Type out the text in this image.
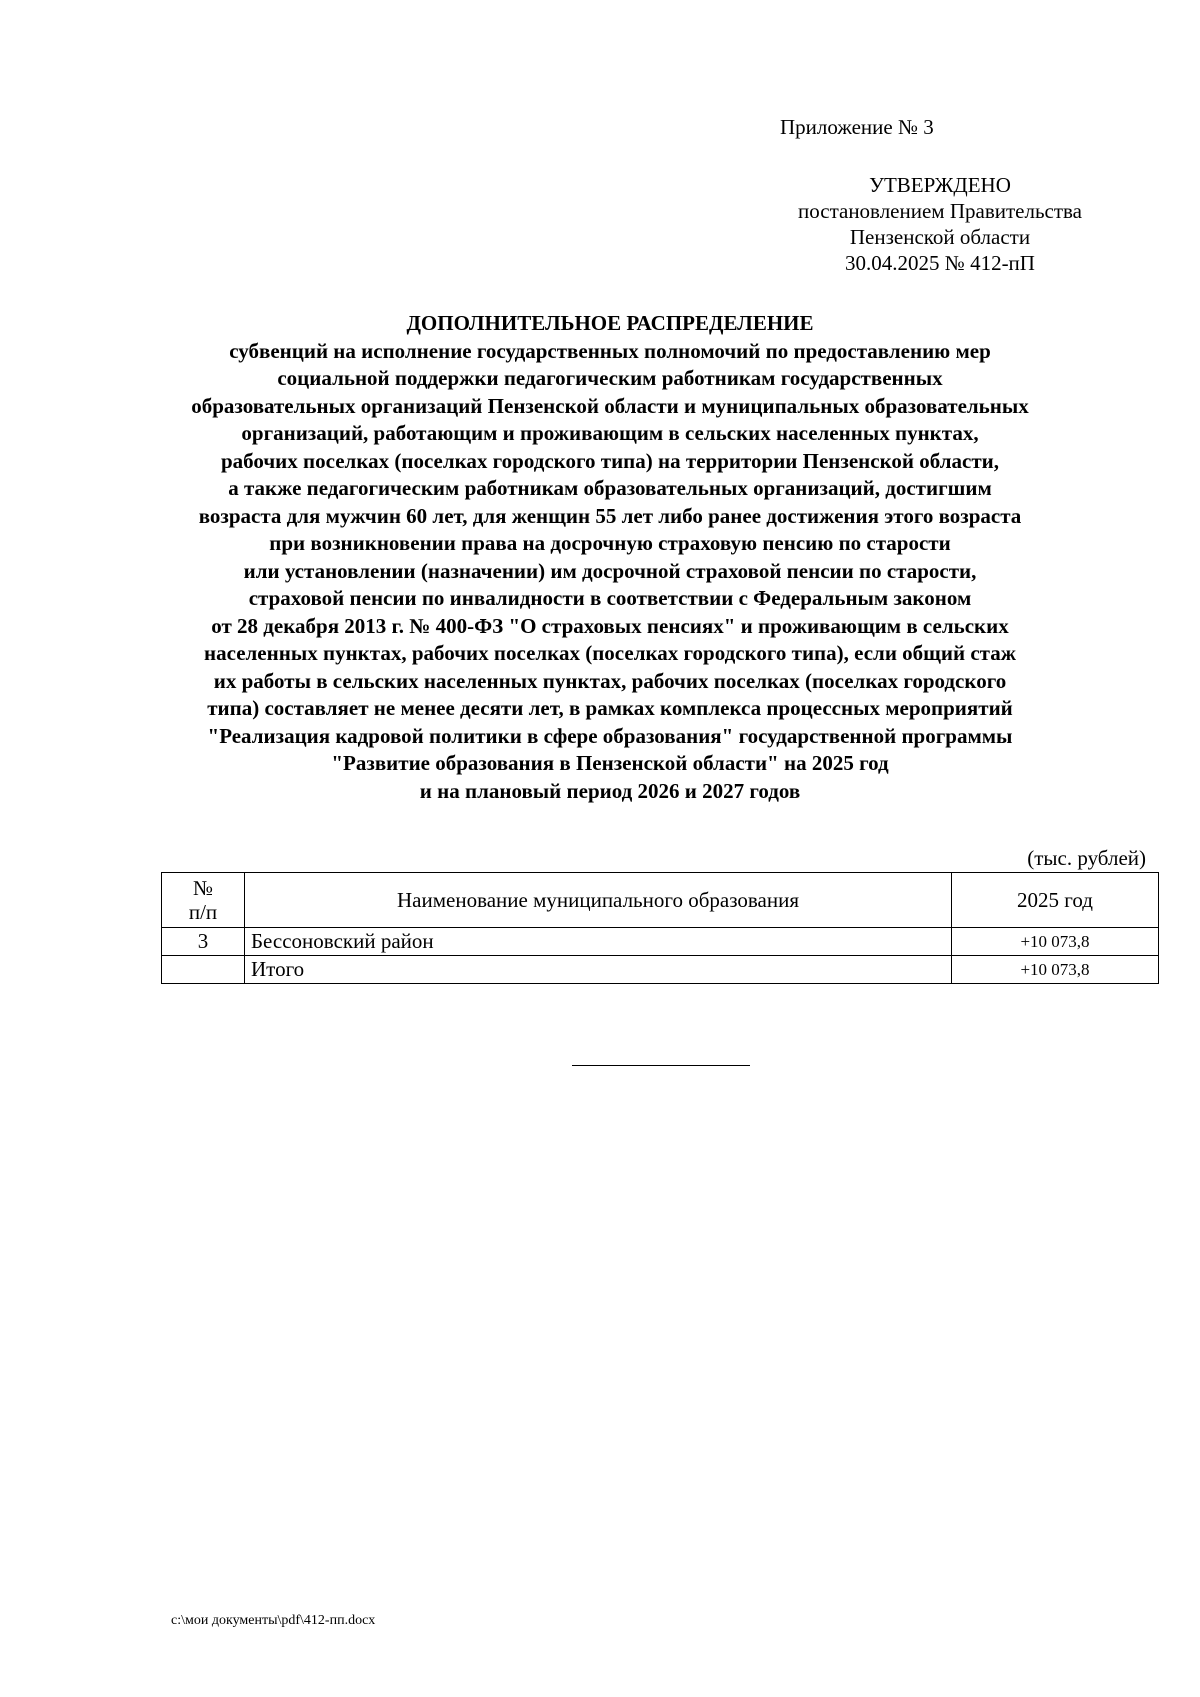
Приложение № 3
УТВЕРЖДЕНО
постановлением Правительства
Пензенской области
30.04.2025 № 412-пП
ДОПОЛНИТЕЛЬНОЕ РАСПРЕДЕЛЕНИЕ
субвенций на исполнение государственных полномочий по предоставлению мер
социальной поддержки педагогическим работникам государственных
образовательных организаций Пензенской области и муниципальных образовательных
организаций, работающим и проживающим в сельских населенных пунктах,
рабочих поселках (поселках городского типа) на территории Пензенской области,
а также педагогическим работникам образовательных организаций, достигшим
возраста для мужчин 60 лет, для женщин 55 лет либо ранее достижения этого возраста
при возникновении права на досрочную страховую пенсию по старости
или установлении (назначении) им досрочной страховой пенсии по старости,
страховой пенсии по инвалидности в соответствии с Федеральным законом
от 28 декабря 2013 г. № 400-ФЗ "О страховых пенсиях" и проживающим в сельских
населенных пунктах, рабочих поселках (поселках городского типа), если общий стаж
их работы в сельских населенных пунктах, рабочих поселках (поселках городского
типа) составляет не менее десяти лет, в рамках комплекса процессных мероприятий
"Реализация кадровой политики в сфере образования" государственной программы
"Развитие образования в Пензенской области" на 2025 год
и на плановый период 2026 и 2027 годов
(тыс. рублей)
№
п/п	Наименование муниципального образования	2025 год
3	Бессоновский район	+10 073,8
	Итого	+10 073,8
c:\мои документы\pdf\412-пп.docx
